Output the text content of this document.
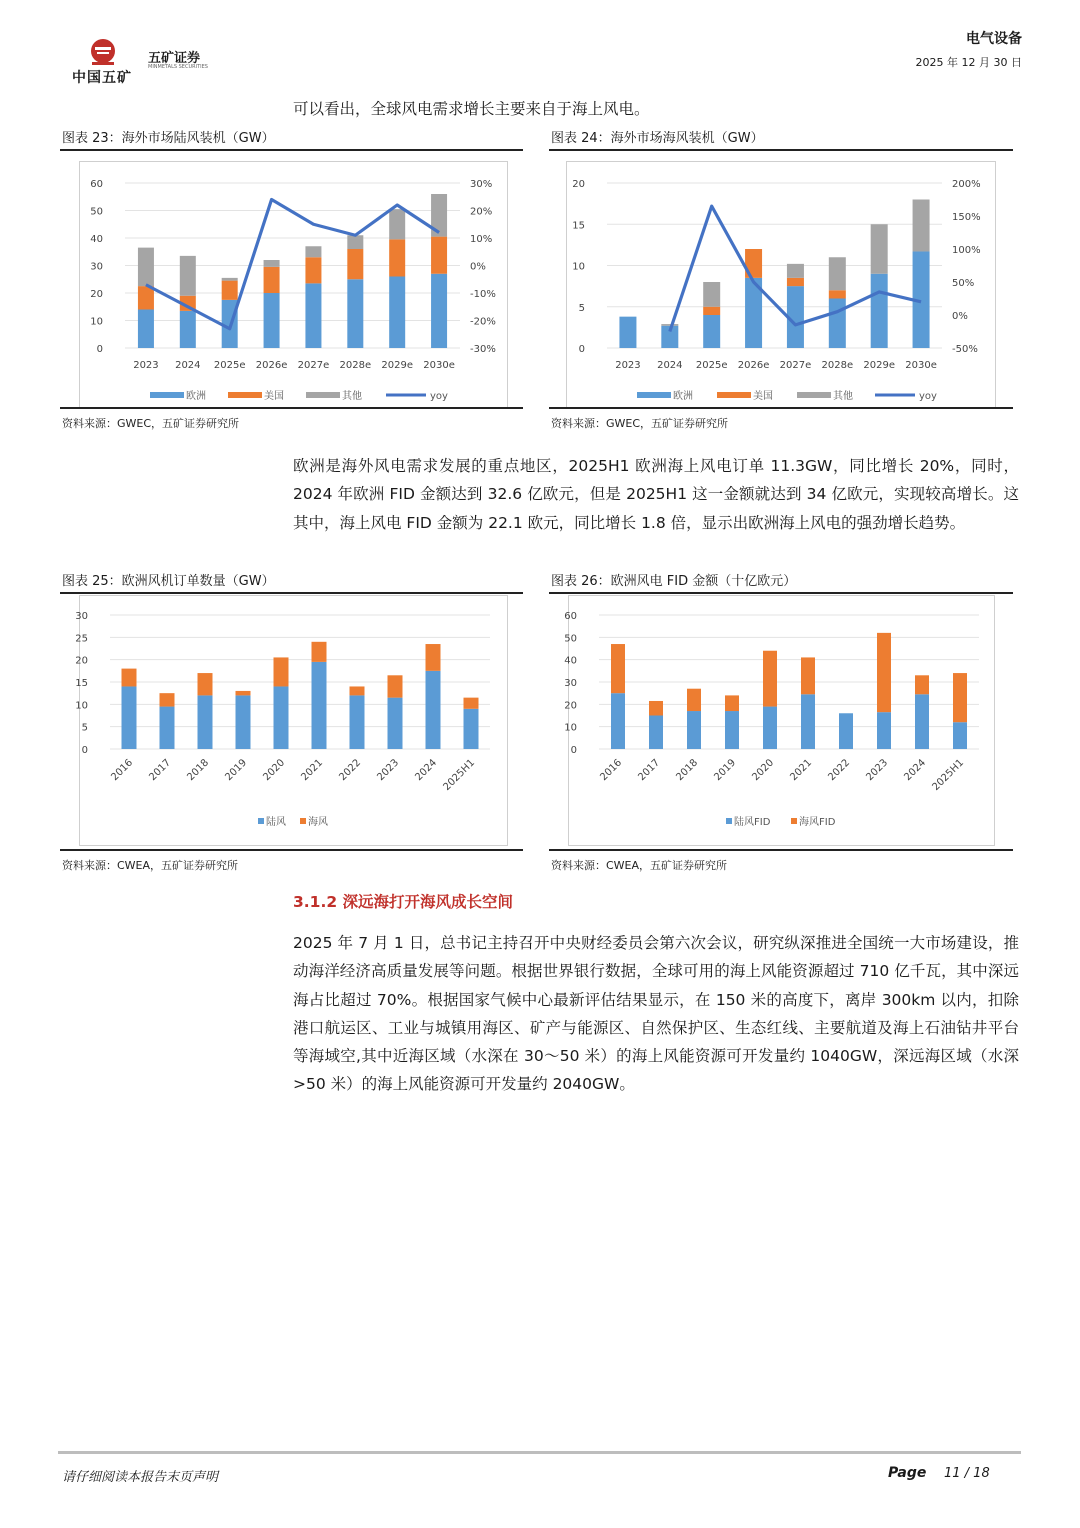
中国五矿
五矿证券
MINMETALS SECURITIES
电气设备
2025 年 12 月 30 日
可以看出，全球风电需求增长主要来自于海上风电。
图表 23：海外市场陆风装机（GW）
0
10
20
30
40
50
60
-30%
-20%
-10%
0%
10%
20%
30%
2023 2024 2025e 2026e 2027e 2028e 2029e 2030e
欧洲	美国	其他	yoy
资料来源：GWEC，五矿证券研究所
图表 24：海外市场海风装机（GW）
0
5
10
15
20
-50%
0%
50%
100%
150%
200%
2023 2024 2025e 2026e 2027e 2028e 2029e 2030e
欧洲	美国	其他	yoy
资料来源：GWEC，五矿证券研究所
欧洲是海外风电需求发展的重点地区，2025H1 欧洲海上风电订单 11.3GW，同比增长 20%，同时，2024 年欧洲 FID 金额达到 32.6 亿欧元，但是 2025H1 这一金额就达到 34 亿欧元，实现较高增长。这其中，海上风电 FID 金额为 22.1 欧元，同比增长 1.8 倍，显示出欧洲海上风电的强劲增长趋势。
图表 25：欧洲风机订单数量（GW）
0
5
10
15
20
25
30
2016 2017 2018 2019 2020 2021 2022 2023 2024 2025H1
陆风 海风
资料来源：CWEA，五矿证券研究所
图表 26：欧洲风电 FID 金额（十亿欧元）
0
10
20
30
40
50
60
2016 2017 2018 2019 2020 2021 2022 2023 2024 2025H1
陆风FID	海风FID
资料来源：CWEA，五矿证券研究所
3.1.2 深远海打开海风成长空间
2025 年 7 月 1 日，总书记主持召开中央财经委员会第六次会议，研究纵深推进全国统一大市场建设，推动海洋经济高质量发展等问题。根据世界银行数据，全球可用的海上风能资源超过 710 亿千瓦，其中深远海占比超过 70%。根据国家气候中心最新评估结果显示，在 150 米的高度下，离岸 300km 以内，扣除港口航运区、工业与城镇用海区、矿产与能源区、自然保护区、生态红线、主要航道及海上石油钻井平台等海域空,其中近海区域（水深在 30～50 米）的海上风能资源可开发量约 1040GW，深远海区域（水深>50 米）的海上风能资源可开发量约 2040GW。
请仔细阅读本报告末页声明	Page 11 / 18
